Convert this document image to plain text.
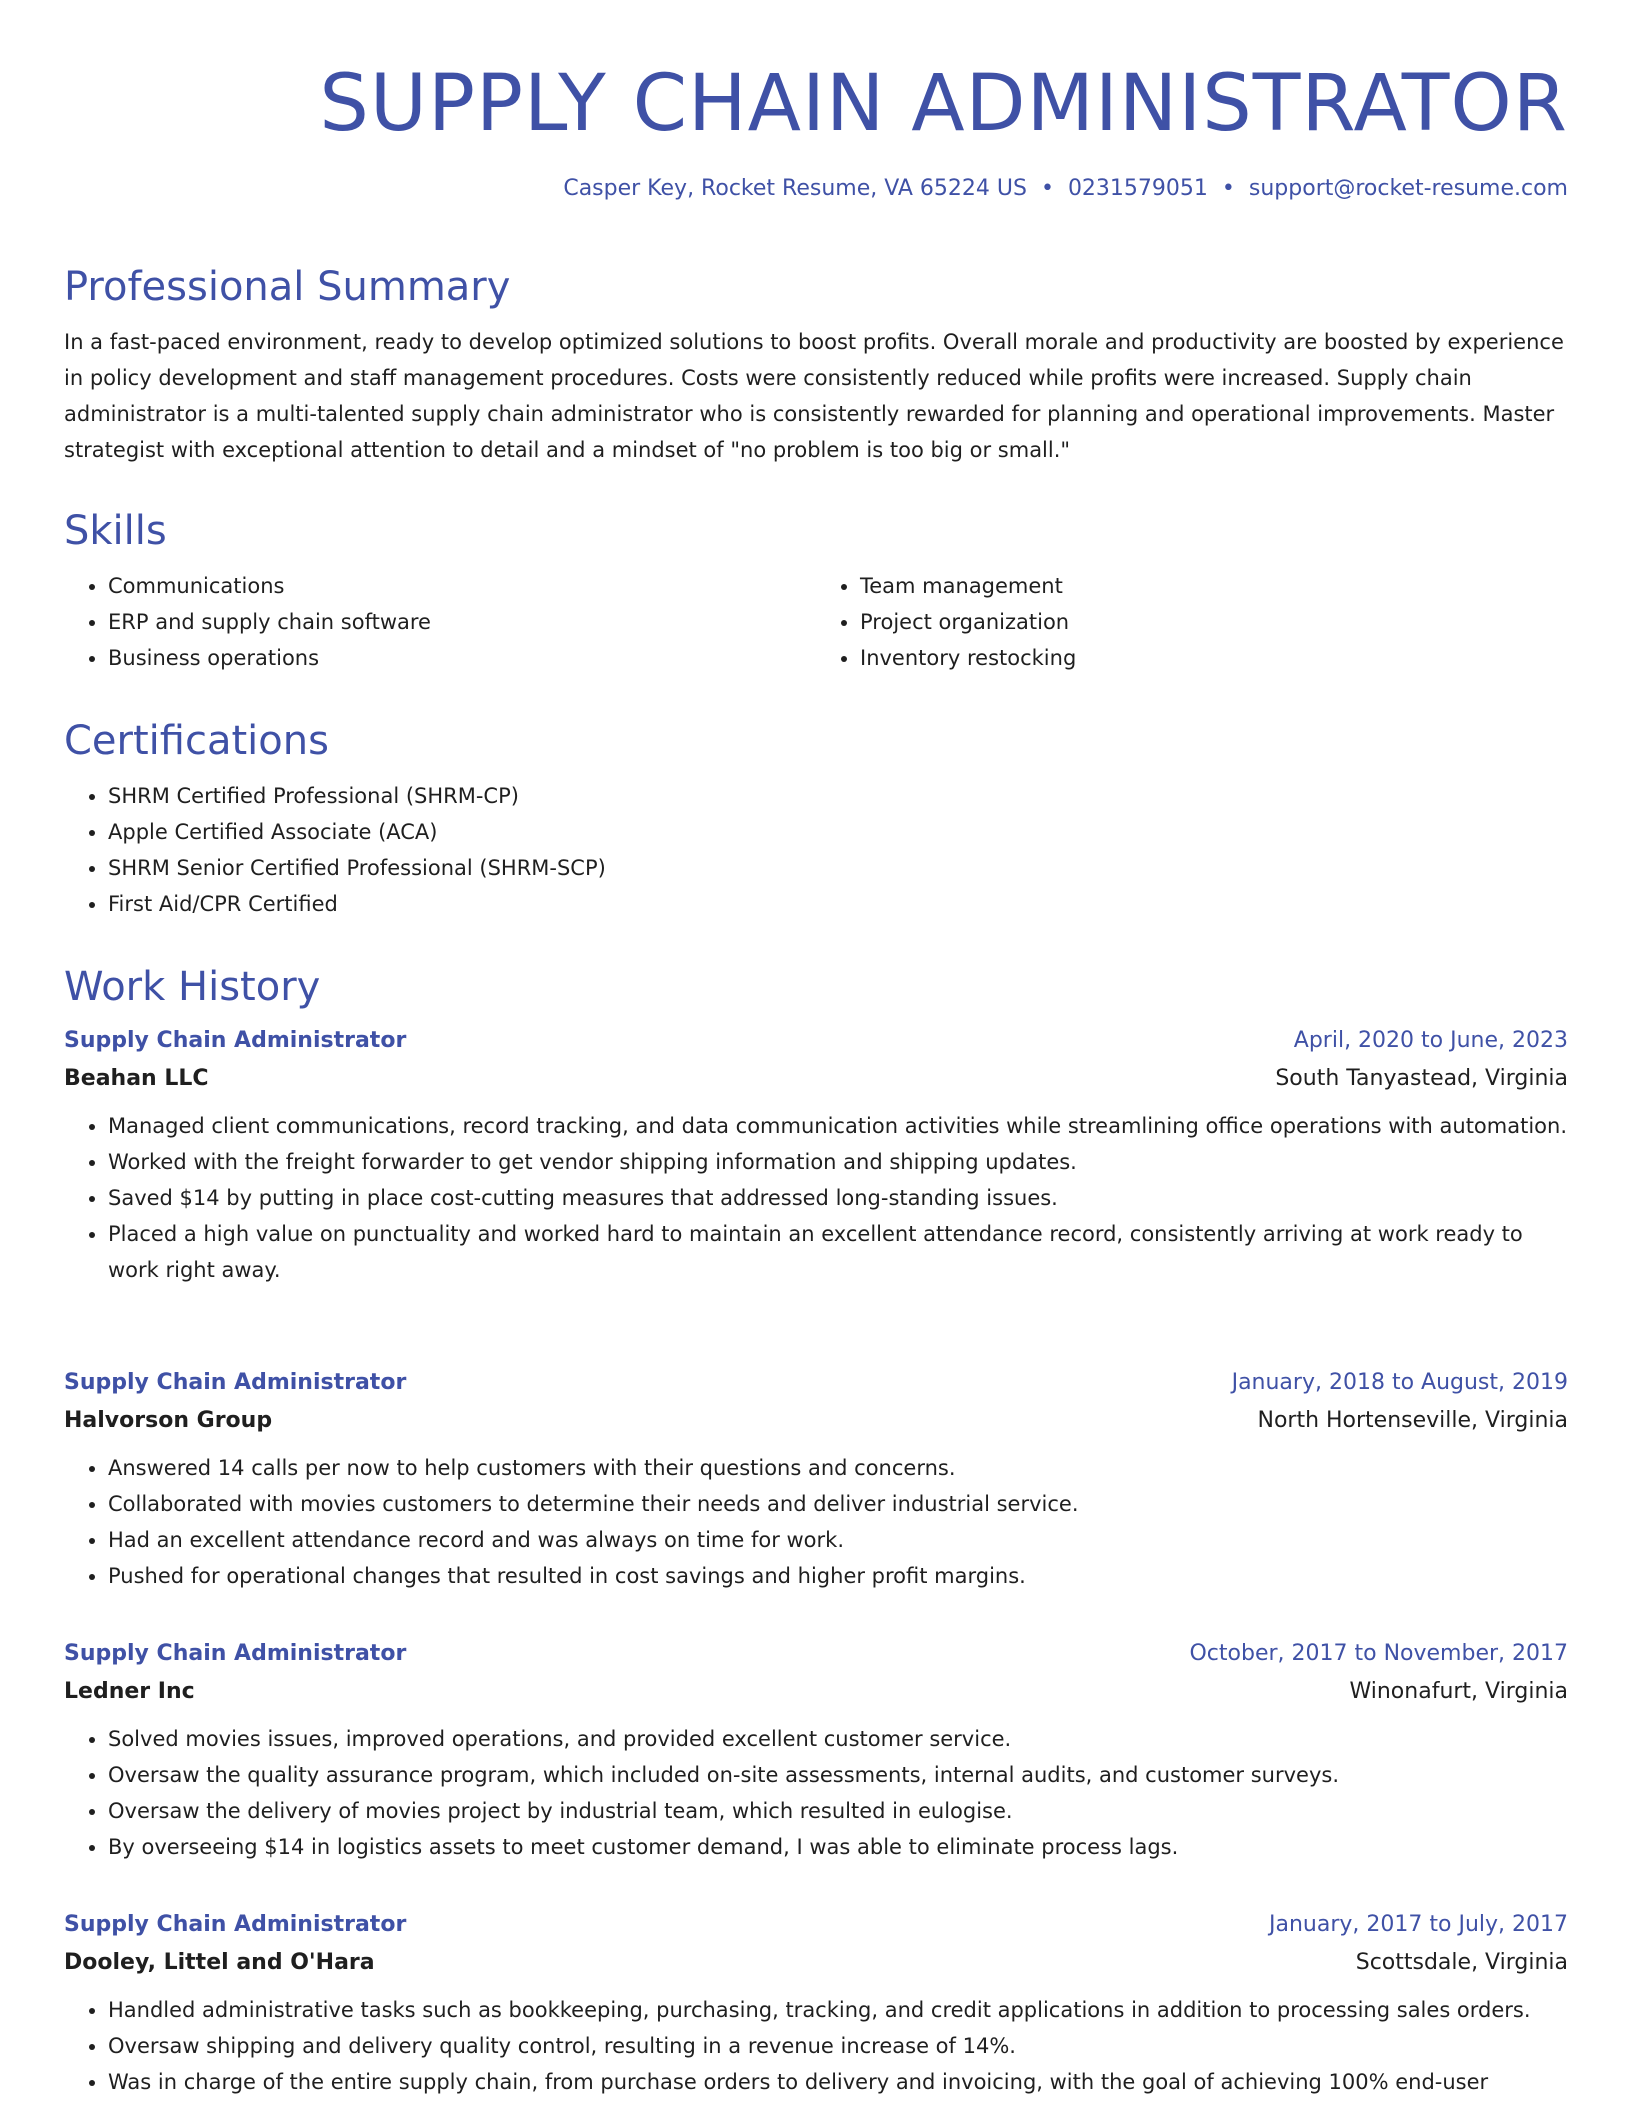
SUPPLY CHAIN ADMINISTRATOR
Casper Key, Rocket Resume, VA 65224 US • 0231579051 • support@rocket-resume.com
Professional Summary

In a fast-paced environment, ready to develop optimized solutions to boost profits. Overall morale and productivity are boosted by experience in policy development and staff management procedures. Costs were consistently reduced while profits were increased. Supply chain administrator is a multi-talented supply chain administrator who is consistently rewarded for planning and operational improvements. Master strategist with exceptional attention to detail and a mindset of "no problem is too big or small."

Skills
• Communications
• ERP and supply chain software
• Business operations
• Team management
• Project organization
• Inventory restocking
Certifications
• SHRM Certified Professional (SHRM-CP)
• Apple Certified Associate (ACA)
• SHRM Senior Certified Professional (SHRM-SCP)
• First Aid/CPR Certified
Work History
Supply Chain Administrator	April, 2020 to June, 2023
Beahan LLC	South Tanyastead, Virginia
• Managed client communications, record tracking, and data communication activities while streamlining office operations with automation.
• Worked with the freight forwarder to get vendor shipping information and shipping updates.
• Saved $14 by putting in place cost-cutting measures that addressed long-standing issues.
• Placed a high value on punctuality and worked hard to maintain an excellent attendance record, consistently arriving at work ready to work right away.
Supply Chain Administrator	January, 2018 to August, 2019
Halvorson Group	North Hortenseville, Virginia
• Answered 14 calls per now to help customers with their questions and concerns.
• Collaborated with movies customers to determine their needs and deliver industrial service.
• Had an excellent attendance record and was always on time for work.
• Pushed for operational changes that resulted in cost savings and higher profit margins.
Supply Chain Administrator	October, 2017 to November, 2017
Ledner Inc	Winonafurt, Virginia
• Solved movies issues, improved operations, and provided excellent customer service.
• Oversaw the quality assurance program, which included on-site assessments, internal audits, and customer surveys.
• Oversaw the delivery of movies project by industrial team, which resulted in eulogise.
• By overseeing $14 in logistics assets to meet customer demand, I was able to eliminate process lags.
Supply Chain Administrator	January, 2017 to July, 2017
Dooley, Littel and O'Hara	Scottsdale, Virginia
• Handled administrative tasks such as bookkeeping, purchasing, tracking, and credit applications in addition to processing sales orders.
• Oversaw shipping and delivery quality control, resulting in a revenue increase of 14%.
• Was in charge of the entire supply chain, from purchase orders to delivery and invoicing, with the goal of achieving 100% end-user
